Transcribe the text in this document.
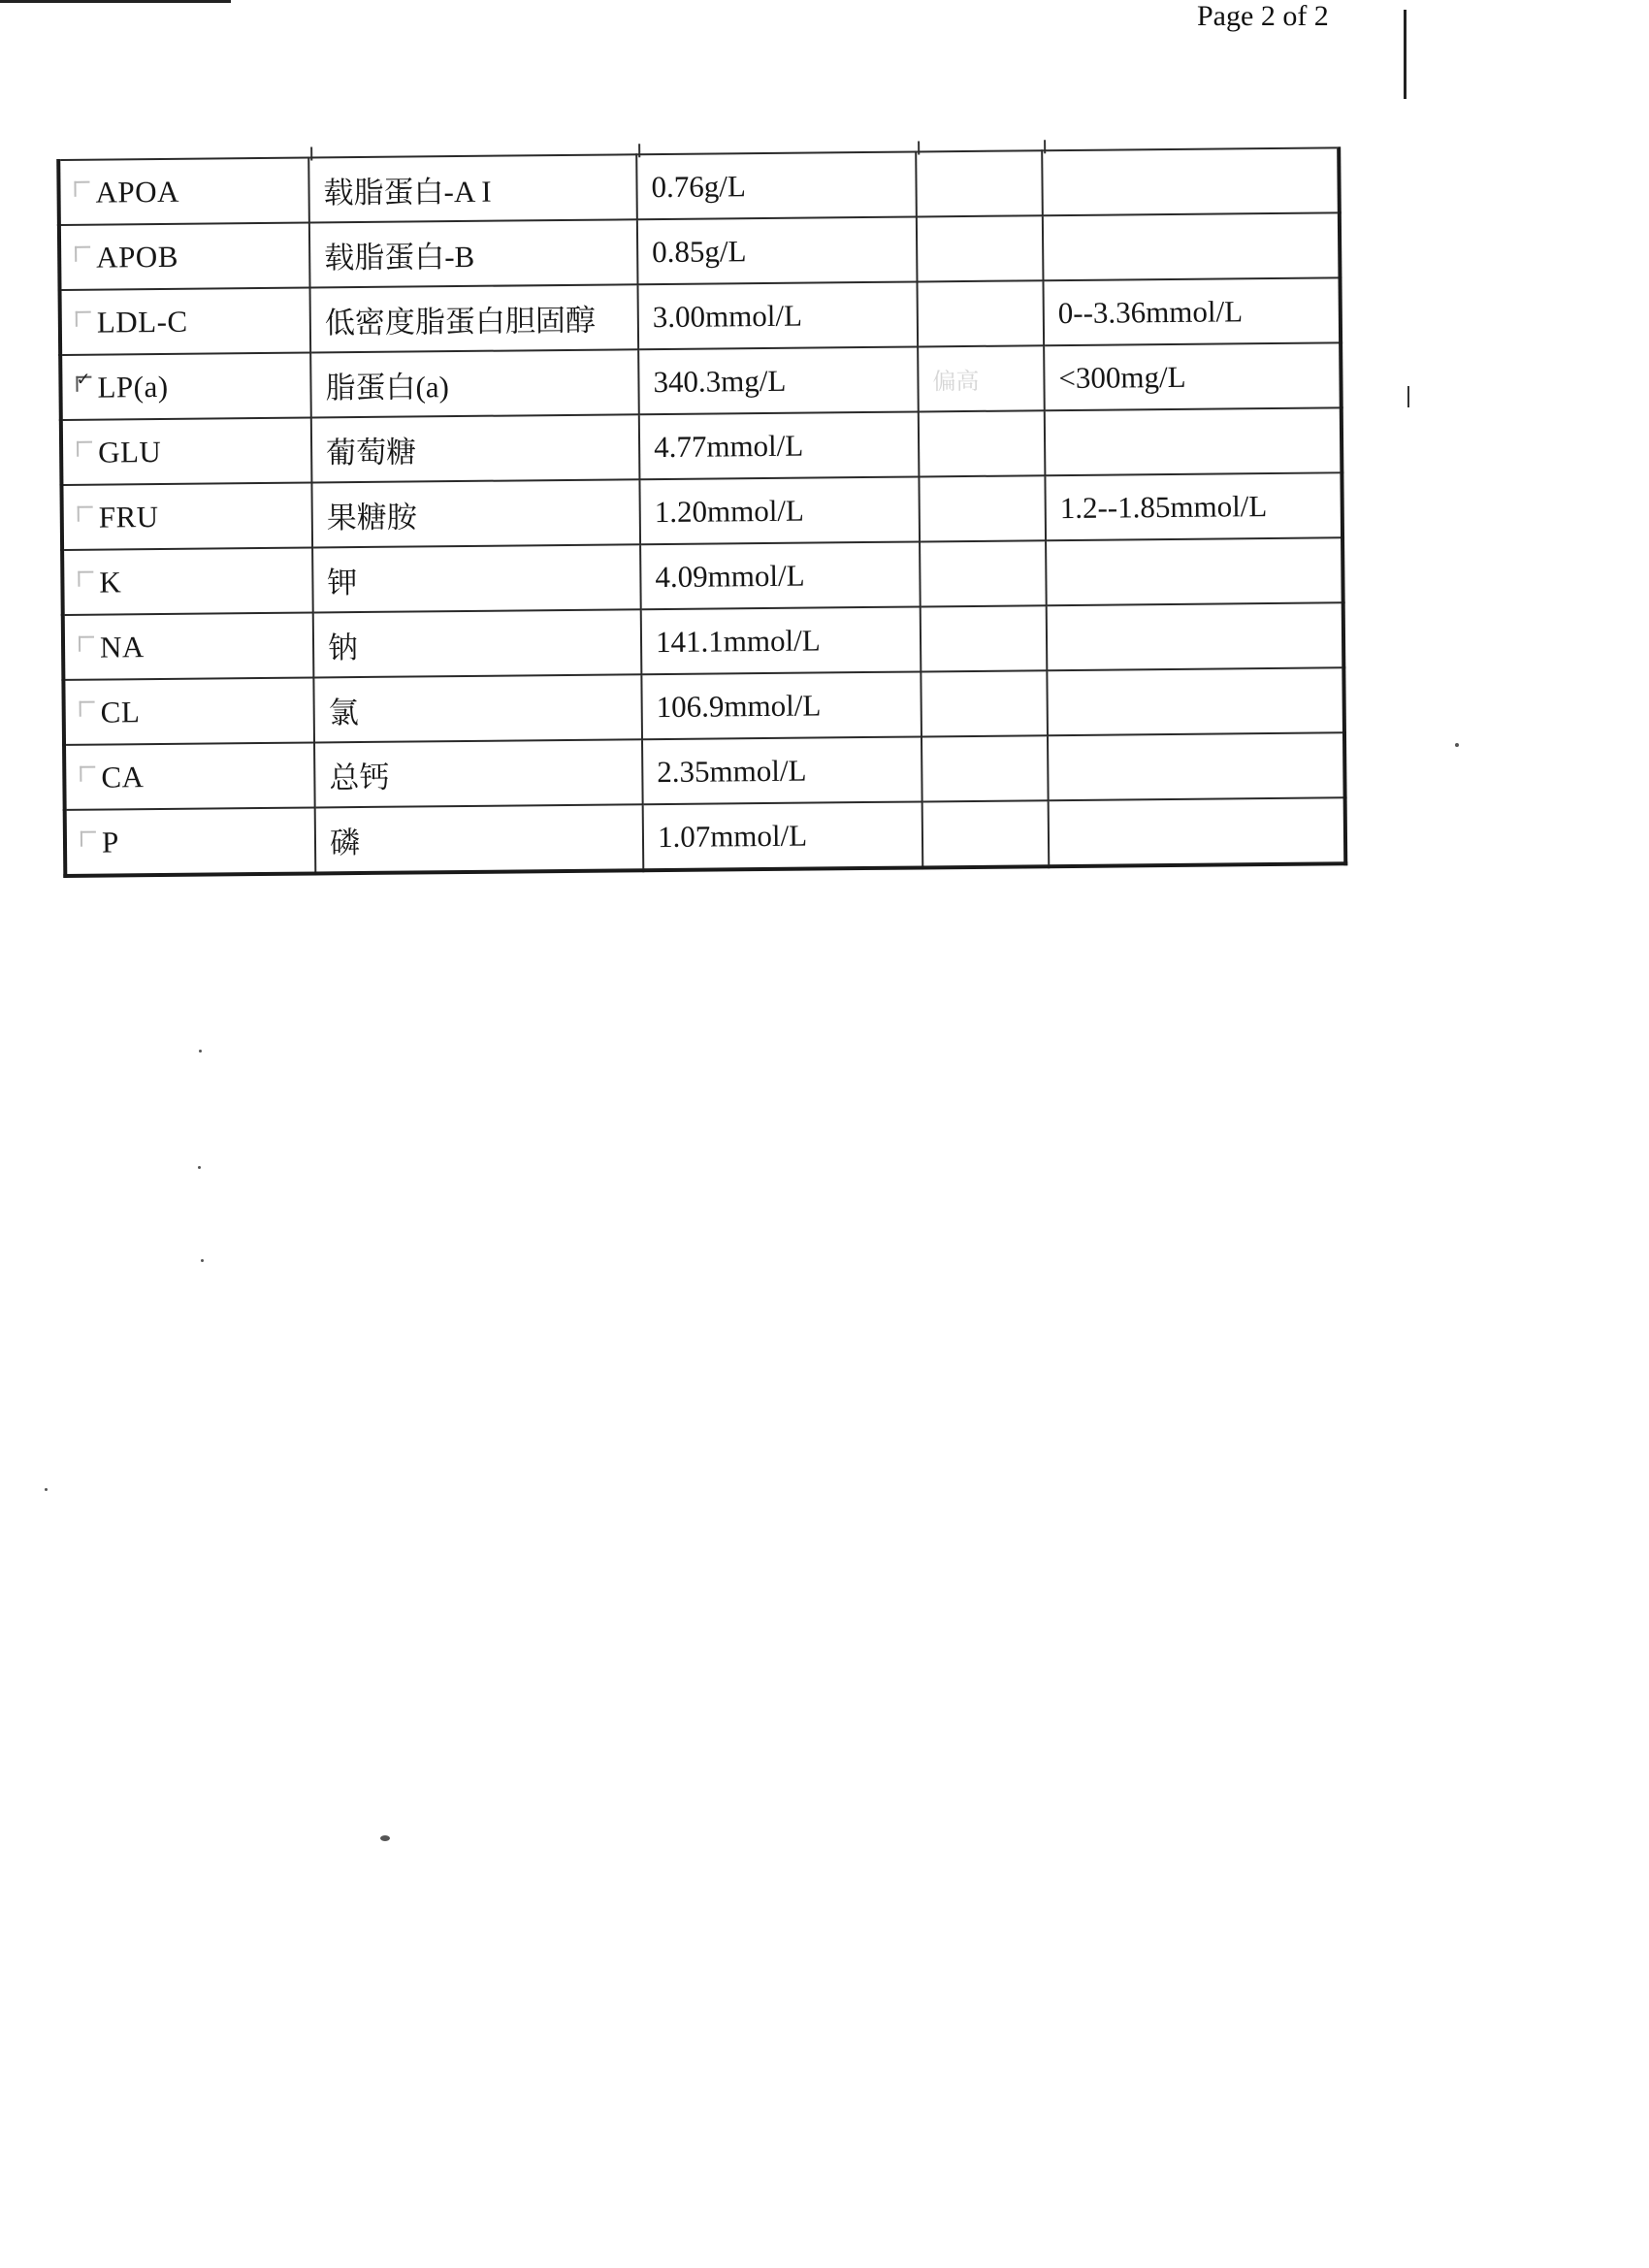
Page 2 of 2
APOA	载脂蛋白-A I	0.76g/L		
APOB	载脂蛋白-B	0.85g/L		
LDL-C	低密度脂蛋白胆固醇	3.00mmol/L		0--3.36mmol/L
✓LP(a)	脂蛋白(a)	340.3mg/L	偏高	<300mg/L
GLU	葡萄糖	4.77mmol/L		
FRU	果糖胺	1.20mmol/L		1.2--1.85mmol/L
K	钾	4.09mmol/L		
NA	钠	141.1mmol/L		
CL	氯	106.9mmol/L		
CA	总钙	2.35mmol/L		
P	磷	1.07mmol/L		
